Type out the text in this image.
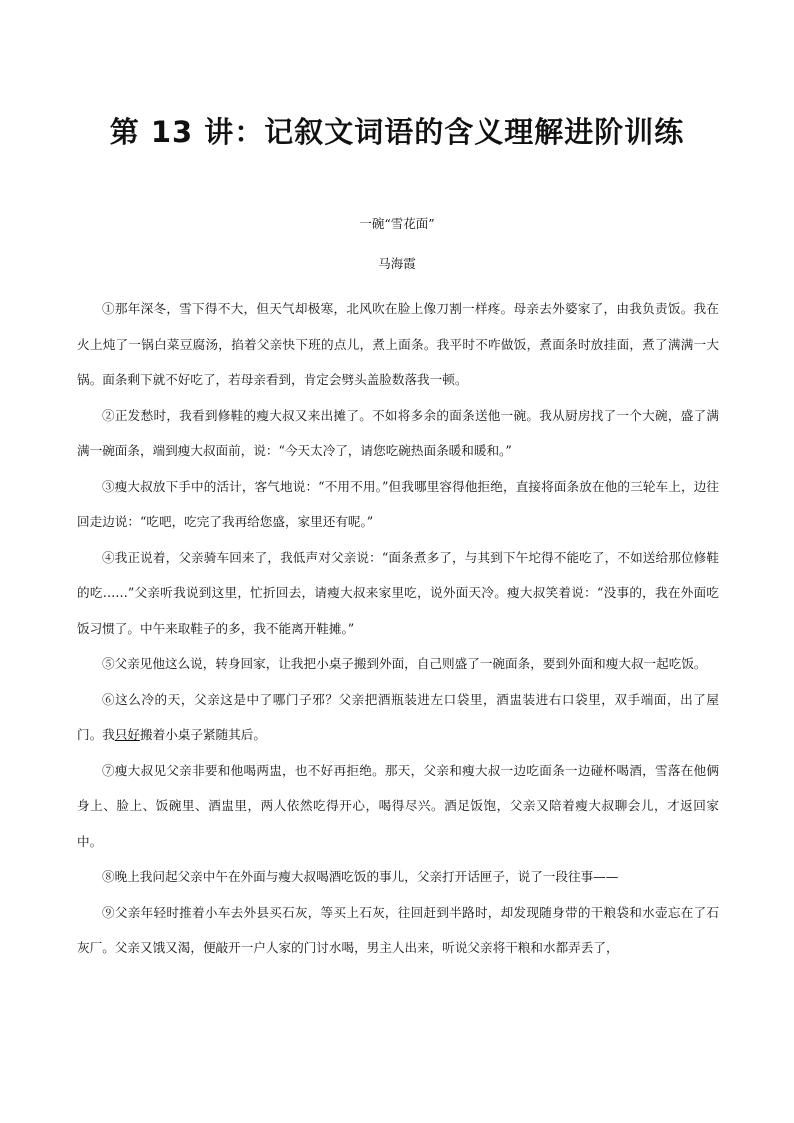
第 13 讲：记叙文词语的含义理解进阶训练
一碗“雪花面”
马海霞

①那年深冬，雪下得不大，但天气却极寒，北风吹在脸上像刀割一样疼。母亲去外婆家了，由我负责饭。我在火上炖了一锅白菜豆腐汤，掐着父亲快下班的点儿，煮上面条。我平时不咋做饭，煮面条时放挂面，煮了满满一大锅。面条剩下就不好吃了，若母亲看到，肯定会劈头盖脸数落我一顿。

②正发愁时，我看到修鞋的瘦大叔又来出摊了。不如将多余的面条送他一碗。我从厨房找了一个大碗，盛了满满一碗面条，端到瘦大叔面前，说：“今天太冷了，请您吃碗热面条暖和暖和。”

③瘦大叔放下手中的活计，客气地说：“不用不用。”但我哪里容得他拒绝，直接将面条放在他的三轮车上，边往回走边说：“吃吧，吃完了我再给您盛，家里还有呢。”

④我正说着，父亲骑车回来了，我低声对父亲说：“面条煮多了，与其到下午坨得不能吃了，不如送给那位修鞋的吃……”父亲听我说到这里，忙折回去，请瘦大叔来家里吃，说外面天冷。瘦大叔笑着说：“没事的，我在外面吃饭习惯了。中午来取鞋子的多，我不能离开鞋摊。”

⑤父亲见他这么说，转身回家，让我把小桌子搬到外面，自己则盛了一碗面条，要到外面和瘦大叔一起吃饭。

⑥这么冷的天，父亲这是中了哪门子邪？父亲把酒瓶装进左口袋里，酒盅装进右口袋里，双手端面，出了屋门。我只好搬着小桌子紧随其后。

⑦瘦大叔见父亲非要和他喝两盅，也不好再拒绝。那天，父亲和瘦大叔一边吃面条一边碰杯喝酒，雪落在他俩身上、脸上、饭碗里、酒盅里，两人依然吃得开心，喝得尽兴。酒足饭饱，父亲又陪着瘦大叔聊会儿，才返回家中。

⑧晚上我问起父亲中午在外面与瘦大叔喝酒吃饭的事儿，父亲打开话匣子，说了一段往事——

⑨父亲年轻时推着小车去外县买石灰，等买上石灰，往回赶到半路时，却发现随身带的干粮袋和水壶忘在了石灰厂。父亲又饿又渴，便敲开一户人家的门讨水喝，男主人出来，听说父亲将干粮和水都弄丢了，
